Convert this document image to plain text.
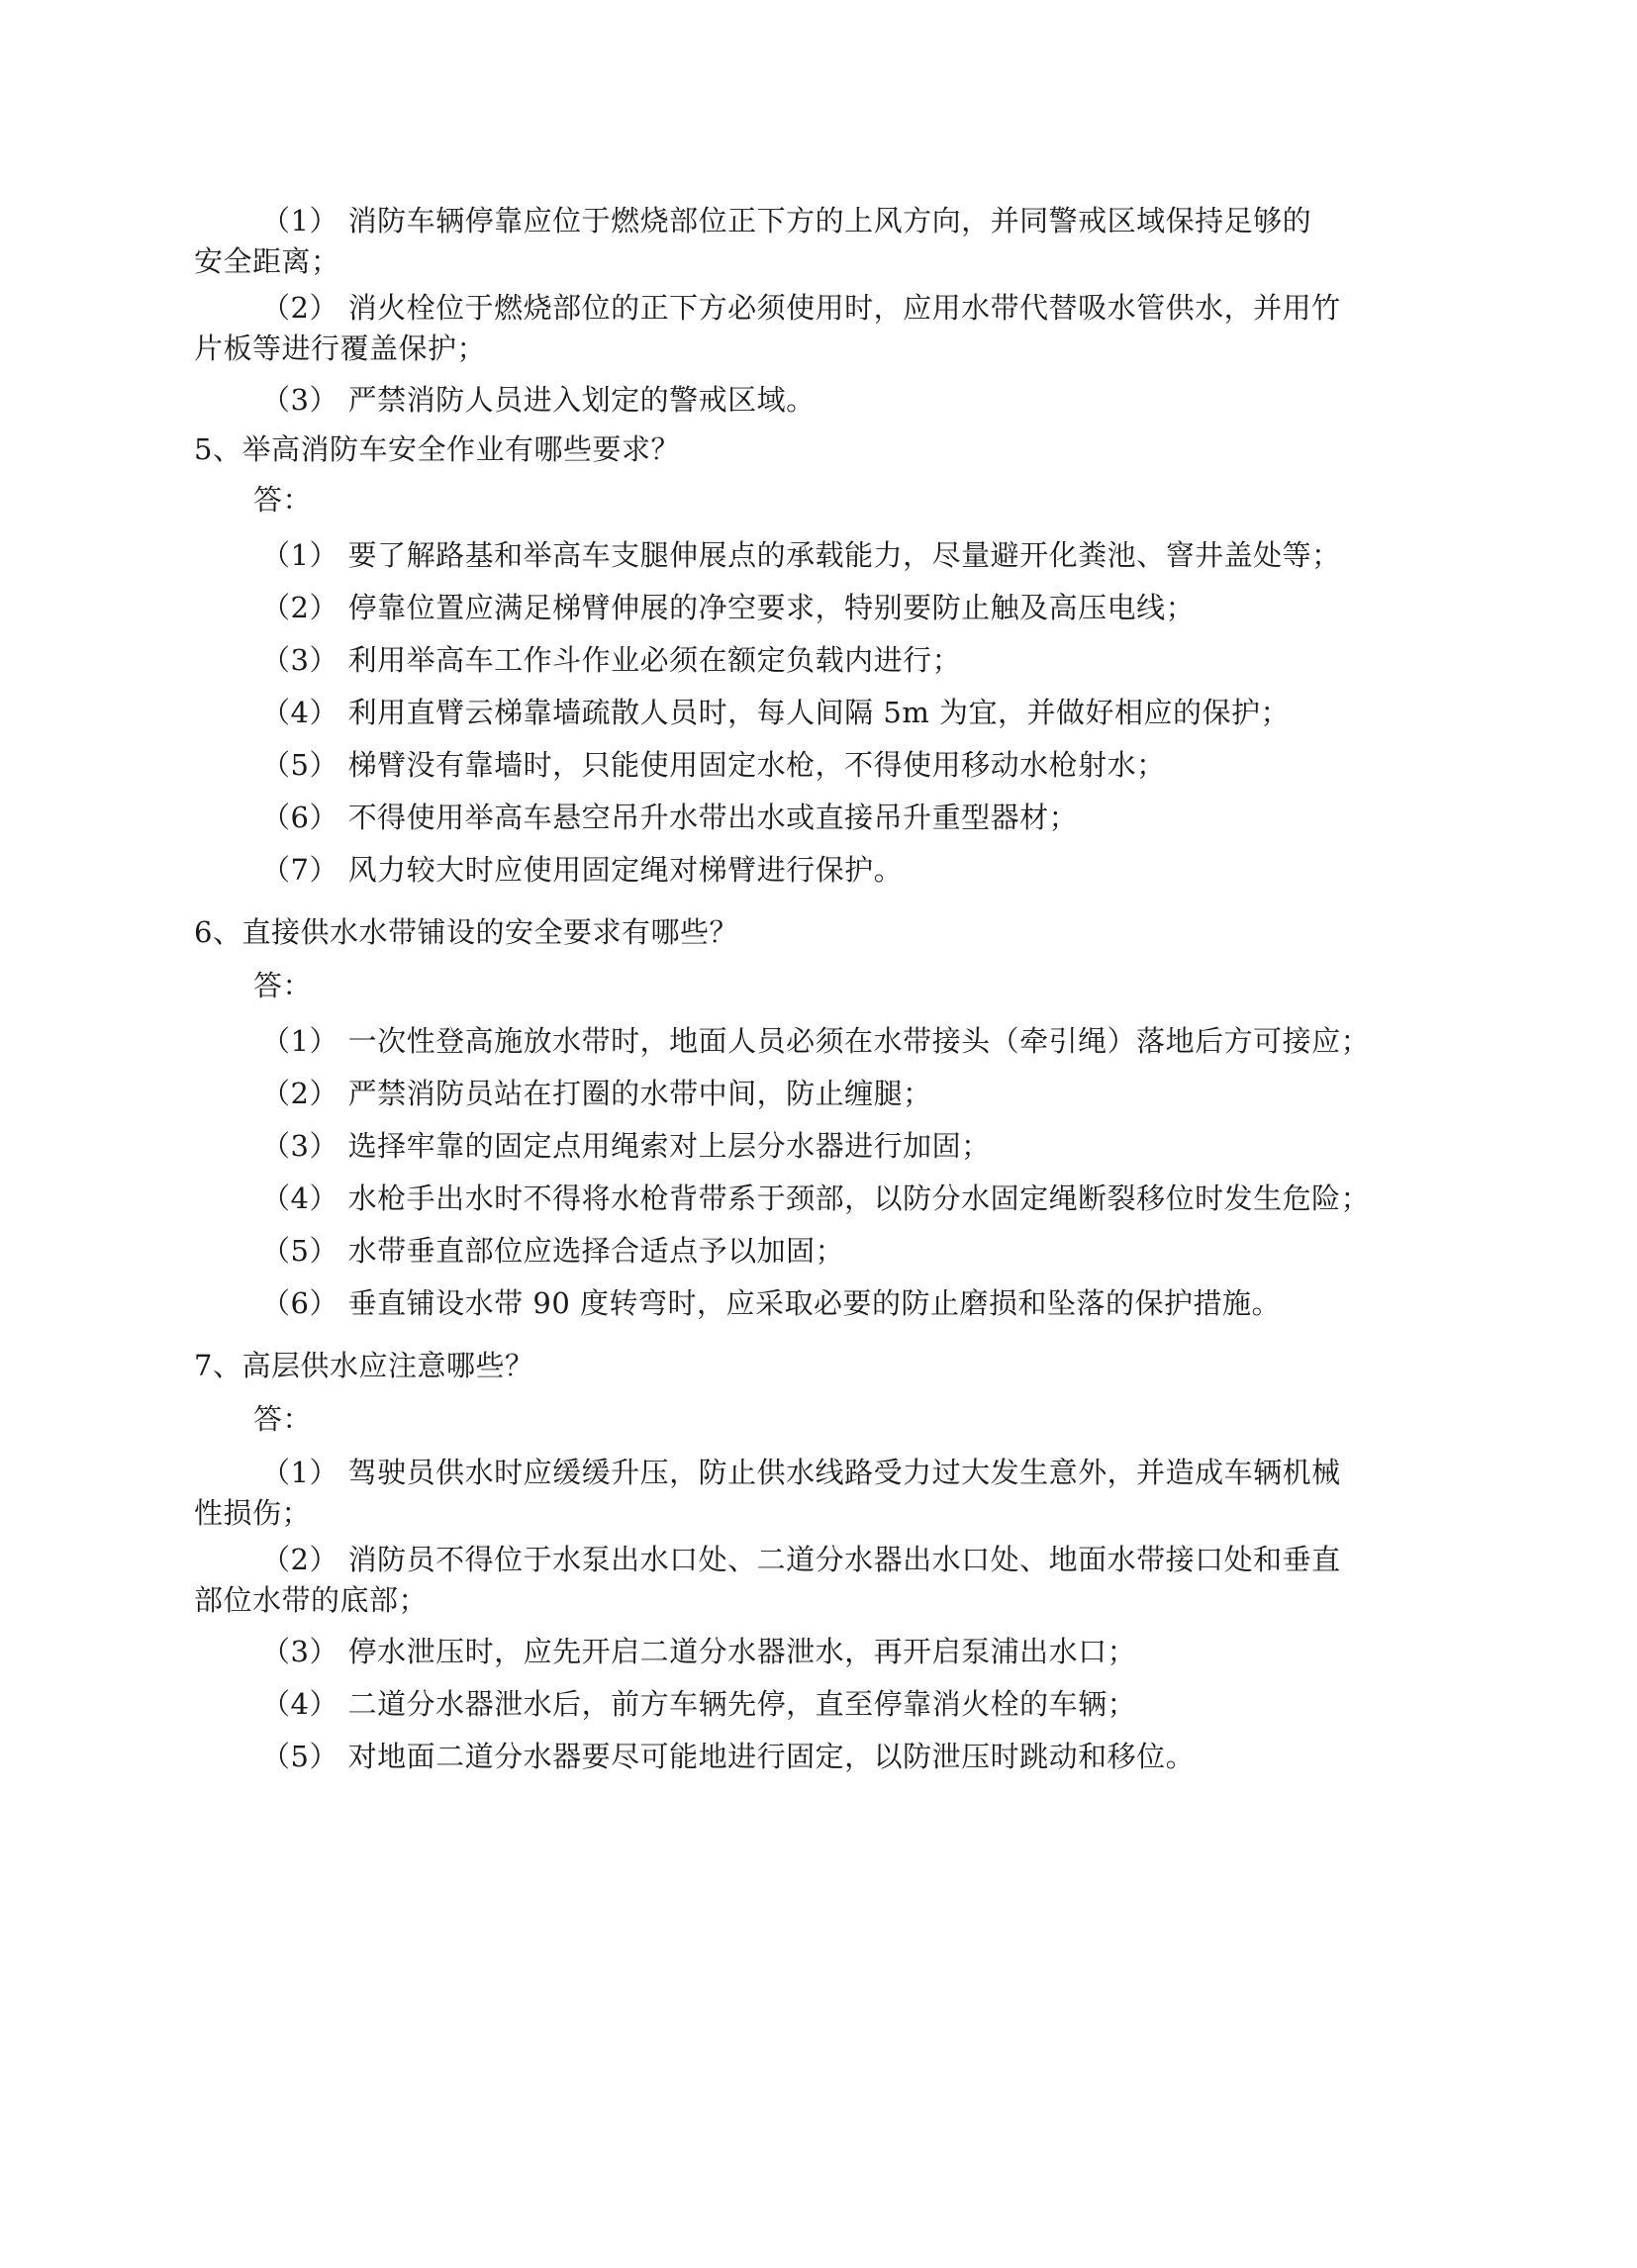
（1） 消防车辆停靠应位于燃烧部位正下方的上风方向，并同警戒区域保持足够的
安全距离；
（2） 消火栓位于燃烧部位的正下方必须使用时，应用水带代替吸水管供水，并用竹
片板等进行覆盖保护；
（3） 严禁消防人员进入划定的警戒区域。
5、举高消防车安全作业有哪些要求？
答：
（1） 要了解路基和举高车支腿伸展点的承载能力，尽量避开化粪池、窨井盖处等；
（2） 停靠位置应满足梯臂伸展的净空要求，特别要防止触及高压电线；
（3） 利用举高车工作斗作业必须在额定负载内进行；
（4） 利用直臂云梯靠墙疏散人员时，每人间隔 5m 为宜，并做好相应的保护；
（5） 梯臂没有靠墙时，只能使用固定水枪，不得使用移动水枪射水；
（6） 不得使用举高车悬空吊升水带出水或直接吊升重型器材；
（7） 风力较大时应使用固定绳对梯臂进行保护。
6、直接供水水带铺设的安全要求有哪些？
答：
（1） 一次性登高施放水带时，地面人员必须在水带接头（牵引绳）落地后方可接应；
（2） 严禁消防员站在打圈的水带中间，防止缠腿；
（3） 选择牢靠的固定点用绳索对上层分水器进行加固；
（4） 水枪手出水时不得将水枪背带系于颈部，以防分水固定绳断裂移位时发生危险；
（5） 水带垂直部位应选择合适点予以加固；
（6） 垂直铺设水带 90 度转弯时，应采取必要的防止磨损和坠落的保护措施。
7、高层供水应注意哪些？
答：
（1） 驾驶员供水时应缓缓升压，防止供水线路受力过大发生意外，并造成车辆机械
性损伤；
（2） 消防员不得位于水泵出水口处、二道分水器出水口处、地面水带接口处和垂直
部位水带的底部；
（3） 停水泄压时，应先开启二道分水器泄水，再开启泵浦出水口；
（4） 二道分水器泄水后，前方车辆先停，直至停靠消火栓的车辆；
（5） 对地面二道分水器要尽可能地进行固定，以防泄压时跳动和移位。
